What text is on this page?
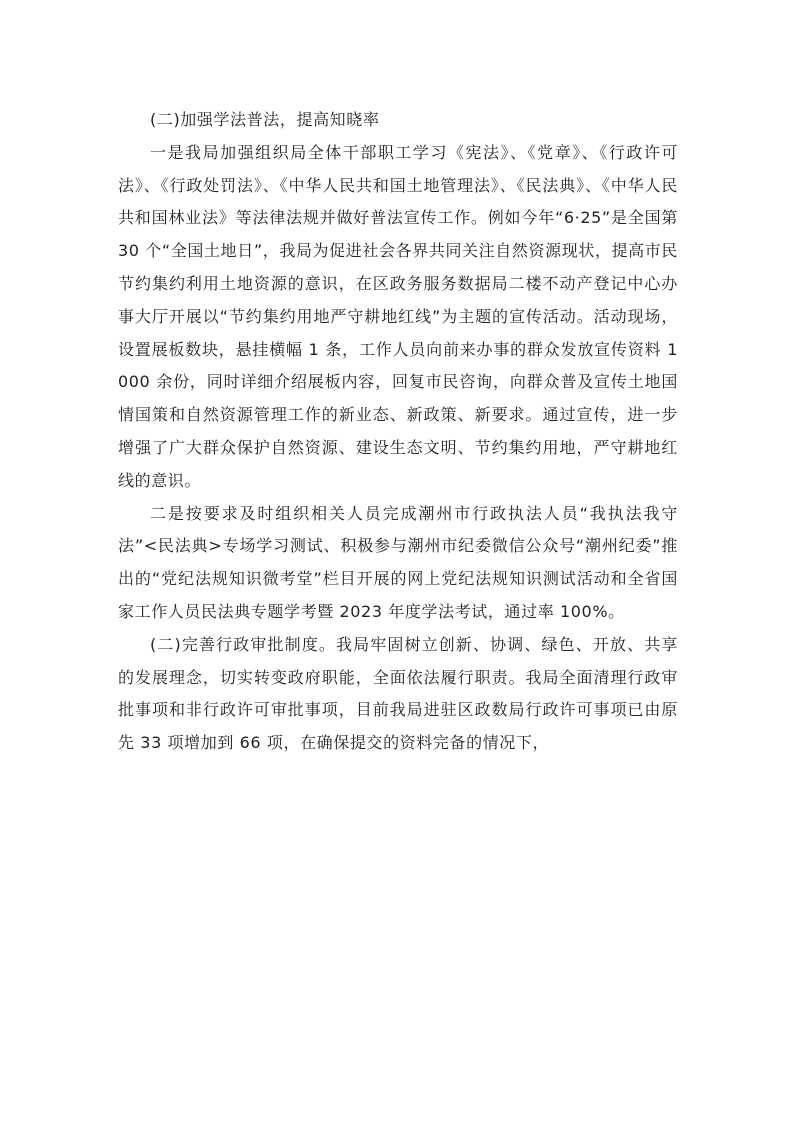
(二)加强学法普法，提高知晓率

一是我局加强组织局全体干部职工学习《宪法》、《党章》、《行政许可法》、《行政处罚法》、《中华人民共和国土地管理法》、《民法典》、《中华人民共和国林业法》等法律法规并做好普法宣传工作。例如今年“6·25”是全国第 30 个“全国土地日”，我局为促进社会各界共同关注自然资源现状，提高市民节约集约利用土地资源的意识，在区政务服务数据局二楼不动产登记中心办事大厅开展以“节约集约用地严守耕地红线”为主题的宣传活动。活动现场，设置展板数块，悬挂横幅 1 条，工作人员向前来办事的群众发放宣传资料 1000 余份，同时详细介绍展板内容，回复市民咨询，向群众普及宣传土地国情国策和自然资源管理工作的新业态、新政策、新要求。通过宣传，进一步增强了广大群众保护自然资源、建设生态文明、节约集约用地，严守耕地红线的意识。

二是按要求及时组织相关人员完成潮州市行政执法人员“我执法我守法”<民法典>专场学习测试、积极参与潮州市纪委微信公众号“潮州纪委”推出的“党纪法规知识微考堂”栏目开展的网上党纪法规知识测试活动和全省国家工作人员民法典专题学考暨 2023 年度学法考试，通过率 100%。

(二)完善行政审批制度。我局牢固树立创新、协调、绿色、开放、共享的发展理念，切实转变政府职能，全面依法履行职责。我局全面清理行政审批事项和非行政许可审批事项，目前我局进驻区政数局行政许可事项已由原先 33 项增加到 66 项，在确保提交的资料完备的情况下，
